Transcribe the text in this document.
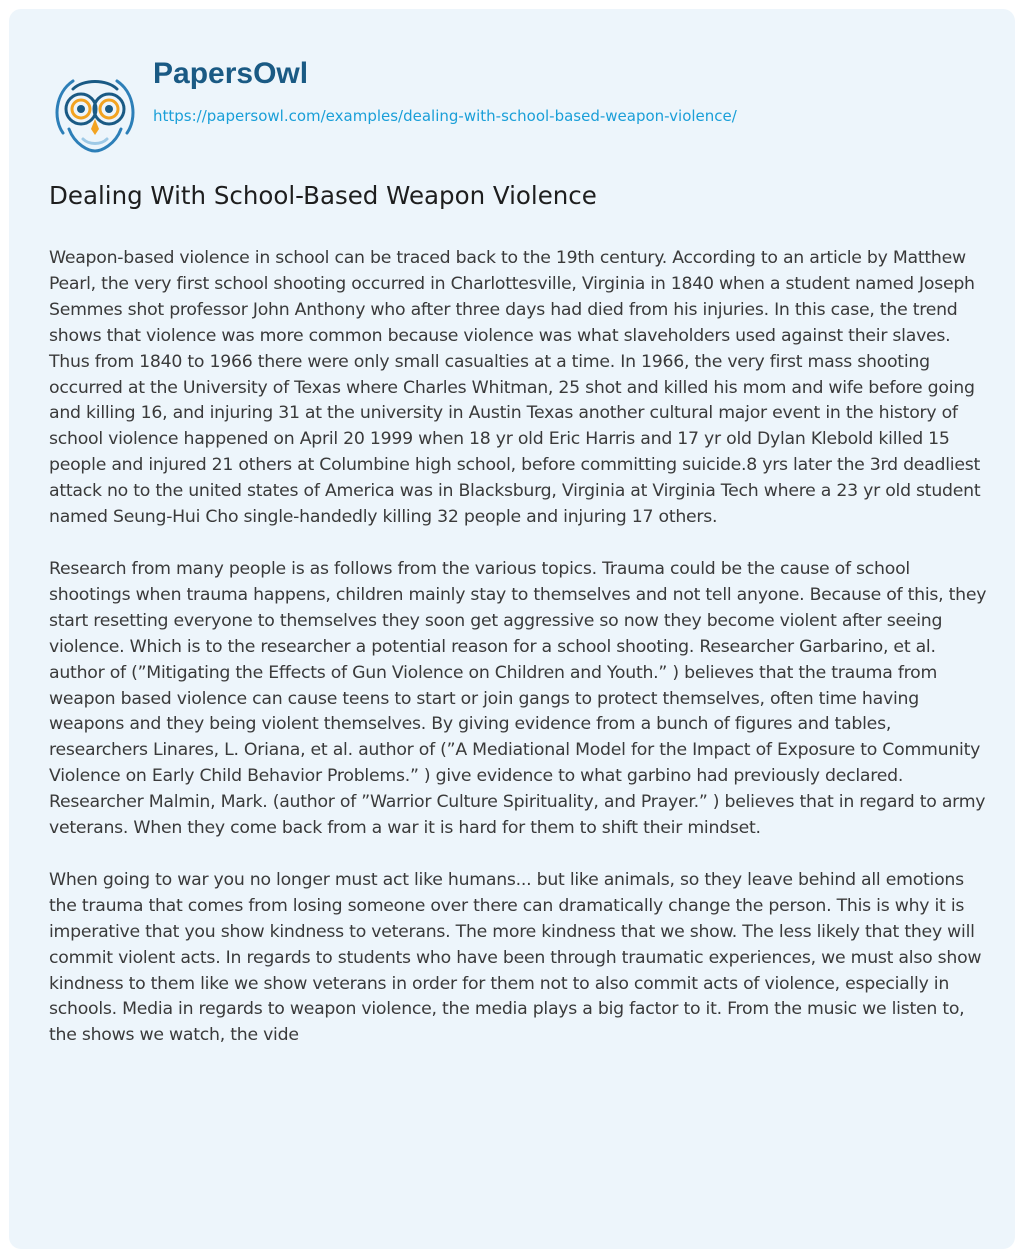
PapersOwl
https://papersowl.com/examples/dealing-with-school-based-weapon-violence/
Dealing With School-Based Weapon Violence

Weapon-based violence in school can be traced back to the 19th century. According to an article by Matthew Pearl, the very first school shooting occurred in Charlottesville, Virginia in 1840 when a student named Joseph Semmes shot professor John Anthony who after three days had died from his injuries. In this case, the trend shows that violence was more common because violence was what slaveholders used against their slaves. Thus from 1840 to 1966 there were only small casualties at a time. In 1966, the very first mass shooting occurred at the University of Texas where Charles Whitman, 25 shot and killed his mom and wife before going and killing 16, and injuring 31 at the university in Austin Texas another cultural major event in the history of school violence happened on April 20 1999 when 18 yr old Eric Harris and 17 yr old Dylan Klebold killed 15 people and injured 21 others at Columbine high school, before committing suicide.8 yrs later the 3rd deadliest attack no to the united states of America was in Blacksburg, Virginia at Virginia Tech where a 23 yr old student named Seung-Hui Cho single-handedly killing 32 people and injuring 17 others.

Research from many people is as follows from the various topics. Trauma could be the cause of school shootings when trauma happens, children mainly stay to themselves and not tell anyone. Because of this, they start resetting everyone to themselves they soon get aggressive so now they become violent after seeing violence. Which is to the researcher a potential reason for a school shooting. Researcher Garbarino, et al. author of (”Mitigating the Effects of Gun Violence on Children and Youth.” ) believes that the trauma from weapon based violence can cause teens to start or join gangs to protect themselves, often time having weapons and they being violent themselves. By giving evidence from a bunch of figures and tables, researchers Linares, L. Oriana, et al. author of (”A Mediational Model for the Impact of Exposure to Community Violence on Early Child Behavior Problems.” ) give evidence to what garbino had previously declared. Researcher Malmin, Mark. (author of ”Warrior Culture Spirituality, and Prayer.” ) believes that in regard to army veterans. When they come back from a war it is hard for them to shift their mindset.

When going to war you no longer must act like humans... but like animals, so they leave behind all emotions the trauma that comes from losing someone over there can dramatically change the person. This is why it is imperative that you show kindness to veterans. The more kindness that we show. The less likely that they will commit violent acts. In regards to students who have been through traumatic experiences, we must also show kindness to them like we show veterans in order for them not to also commit acts of violence, especially in schools. Media in regards to weapon violence, the media plays a big factor to it. From the music we listen to, the shows we watch, the vide
